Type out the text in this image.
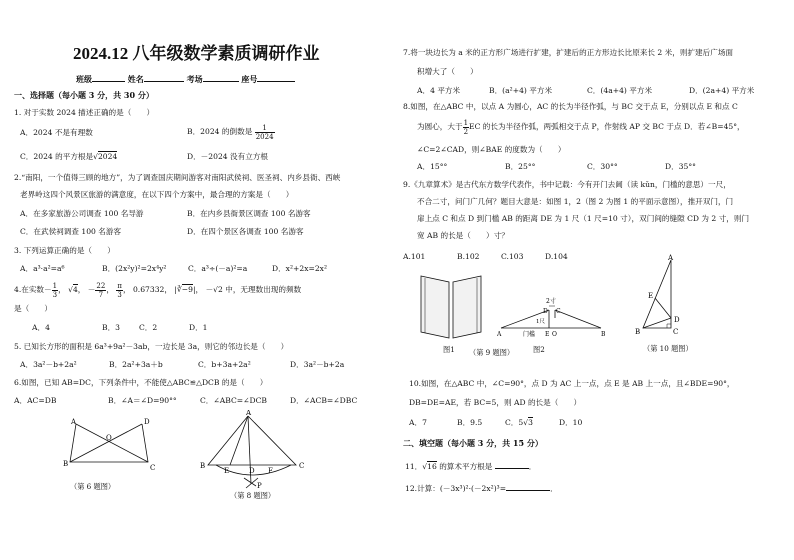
2024.12 八年级数学素质调研作业
班级	姓名	考场	座号
一、选择题（每小题 3 分，共 30 分）
1. 对于实数 2024 描述正确的是（　　）
A．2024 不是有理数	B．2024 的倒数是 $\frac{1}{2024}$
C．2024 的平方根是√2024	D．－2024 没有立方根
2.“南阳，一个值得三顾的地方”，为了调查国庆期间游客对南阳武侯祠、医圣祠、内乡县衙、西峡
老界岭这四个风景区旅游的满意度，在以下四个方案中，最合理的方案是（　　）
A．在多家旅游公司调查 100 名导游	B．在内乡县衙景区调查 100 名游客
C．在武侯祠调查 100 名游客	D．在四个景区各调查 100 名游客
3. 下列运算正确的是（　　）
A．a³·a²=a⁶	B．(2x²y)²=2x⁴y²	C．a³÷(－a)²=a	D．x²+2x=2x²
4.在实数－ $\frac{1}{3}$ ， √4， － $\frac{22}{7}$ ， $\frac{\pi}{3}$ ， 0.67332， |∛−9|， －√2 中，无理数出现的频数
是（　　）
A．4	B．3 C．2	D．1
5. 已知长方形的面积是 6a³+9a²－3ab，一边长是 3a，则它的邻边长是（　　）
A．3a²－b+2a²	B．2a²+3a＋b	C．b+3a+2a²	D．3a²－b+2a
6.如图，已知 AB=DC，下列条件中，不能使△ABC≌△DCB 的是（　　）
A．AC=DB	B．∠A＝∠D=90°°	C．∠ABC=∠DCB	D．∠ACB=∠DBC
A	D
O
B	C
（第 6 题图）
A
B
E	D F
C
P
（第 8 题图）
7.将一块边长为 a 米的正方形广场进行扩建，扩建后的正方形边长比原来长 2 米，则扩建后广场面
积增大了（　　）
A．4 平方米	B．(a²+4) 平方米	C．(4a+4) 平方米	D．(2a+4) 平方米
8.如图，在△ABC 中，以点 A 为圆心，AC 的长为半径作弧，与 BC 交于点 E，分别以点 E 和点 C
为圆心，大于 $\frac{1}{2}$ EC 的长为半径作弧，两弧相交于点 P，作射线 AP 交 BC 于点 D．若∠B=45°，
∠C=2∠CAD，则∠BAE 的度数为（　　）
A．15°°	B．25°°	C．30°°	D．35°°
9.《九章算术》是古代东方数学代表作，书中记载：今有开门去阃（读 kǔn，门槛的意思）一尺，
不合二寸，问门广几何？题目大意是：如图 1，2（图 2 为图 1 的平面示意图），推开双门，门
扉上点 C 和点 D 到门槛 AB 的距离 DE 为 1 尺（1 尺=10 寸），双门间的缝隙 CD 为 2 寸，则门
宽 AB 的长是（　　）寸？
A.101	B.102	C.103	D.104
图1 （第 9 题图）
2寸
D C
1尺
A	E O	B
门槛
图2
A
E
D
B	C
（第 10 题图）
10.如图，在△ABC 中，∠C=90°，点 D 为 AC 上一点，点 E 是 AB 上一点，且∠BDE=90°，
DB=DE=AE，若 BC=5，则 AD 的长是（　　）
A．7	B．9.5	C．5√3	D．10
二、填空题（每小题 3 分，共 15 分）
11．√16 的算术平方根是	．
12.计算：(－3x³)²·(－2x²)³=	．
